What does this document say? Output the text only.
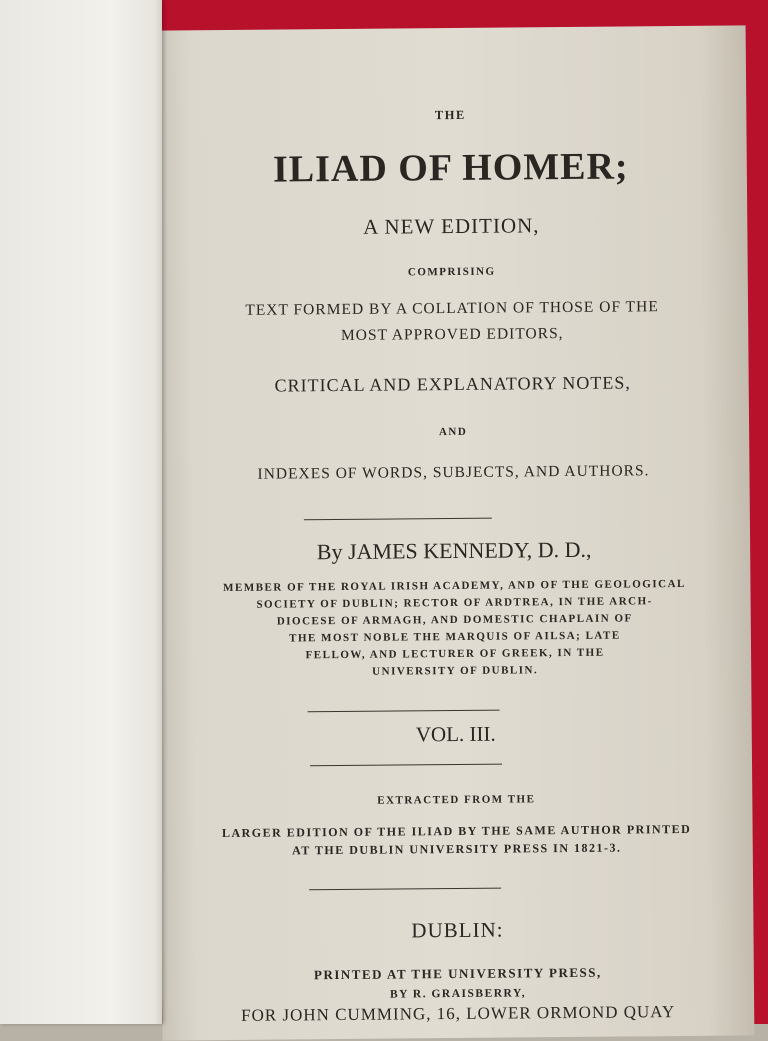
THE
ILIAD OF HOMER;
A NEW EDITION,
COMPRISING
TEXT FORMED BY A COLLATION OF THOSE OF THE
MOST APPROVED EDITORS,
CRITICAL AND EXPLANATORY NOTES,
AND
INDEXES OF WORDS, SUBJECTS, AND AUTHORS.
By JAMES KENNEDY, D. D.,
MEMBER OF THE ROYAL IRISH ACADEMY, AND OF THE GEOLOGICAL
SOCIETY OF DUBLIN; RECTOR OF ARDTREA, IN THE ARCH-
DIOCESE OF ARMAGH, AND DOMESTIC CHAPLAIN OF
THE MOST NOBLE THE MARQUIS OF AILSA; LATE
FELLOW, AND LECTURER OF GREEK, IN THE
UNIVERSITY OF DUBLIN.
VOL. III.
EXTRACTED FROM THE
LARGER EDITION OF THE ILIAD BY THE SAME AUTHOR PRINTED
AT THE DUBLIN UNIVERSITY PRESS IN 1821-3.
DUBLIN:
PRINTED AT THE UNIVERSITY PRESS,
BY R. GRAISBERRY,
FOR JOHN CUMMING, 16, LOWER ORMOND QUAY
